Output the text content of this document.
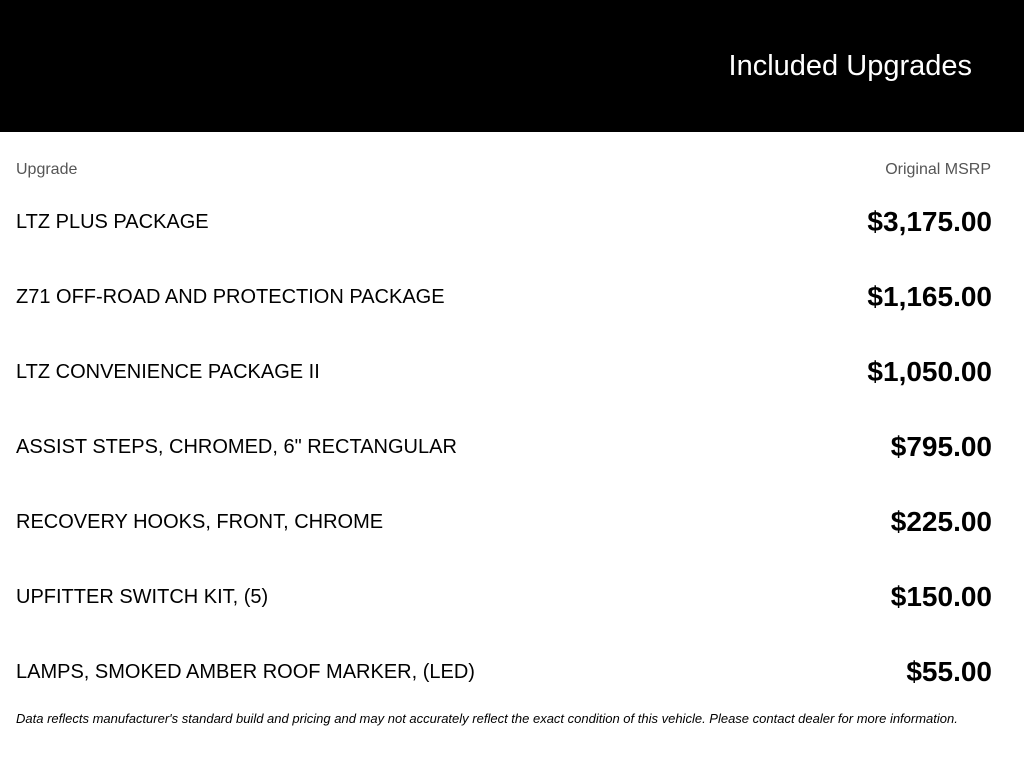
Included Upgrades
Upgrade	Original MSRP
LTZ PLUS PACKAGE	$3,175.00
Z71 OFF-ROAD AND PROTECTION PACKAGE	$1,165.00
LTZ CONVENIENCE PACKAGE II	$1,050.00
ASSIST STEPS, CHROMED, 6" RECTANGULAR	$795.00
RECOVERY HOOKS, FRONT, CHROME	$225.00
UPFITTER SWITCH KIT, (5)	$150.00
LAMPS, SMOKED AMBER ROOF MARKER, (LED)	$55.00
Data reflects manufacturer's standard build and pricing and may not accurately reflect the exact condition of this vehicle. Please contact dealer for more information.
